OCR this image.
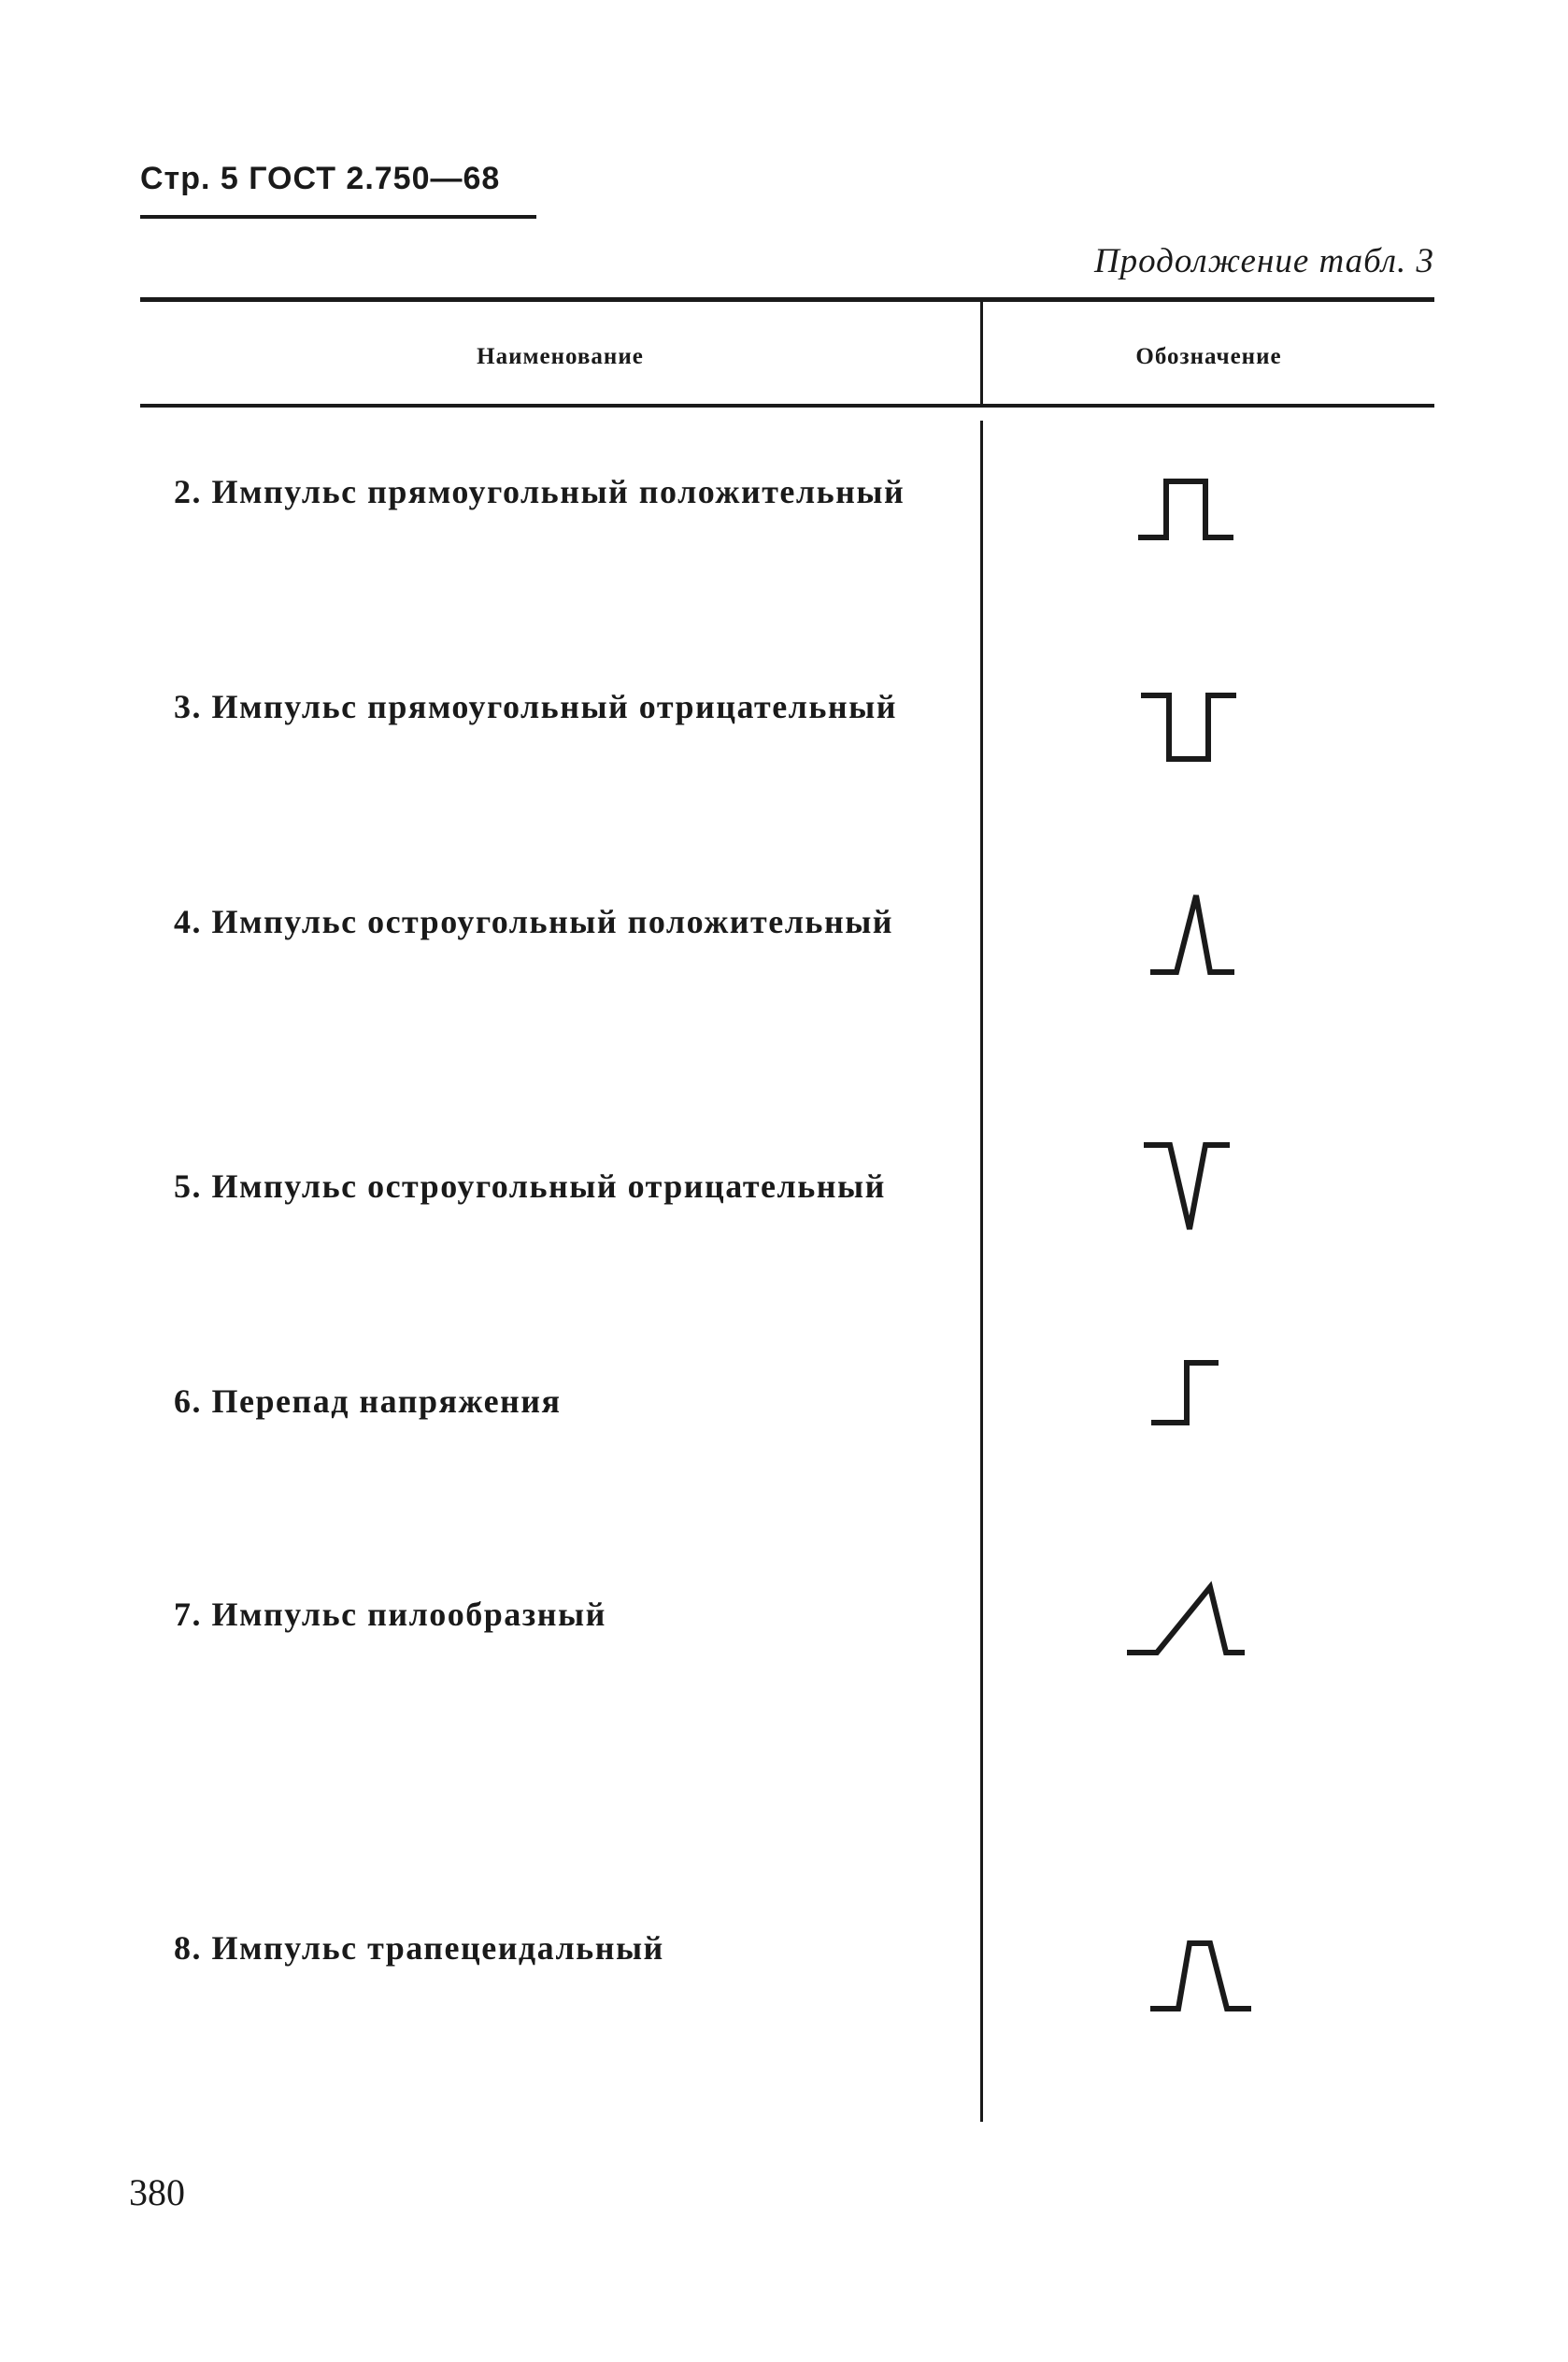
Стр. 5 ГОСТ 2.750—68
Продолжение табл. 3
Наименование	Обозначение
2. Импульс прямоугольный положительный
3. Импульс прямоугольный отрицательный
4. Импульс остроугольный положительный
5. Импульс остроугольный отрицательный
6. Перепад напряжения
7. Импульс пилообразный
8. Импульс трапецеидальный
380
